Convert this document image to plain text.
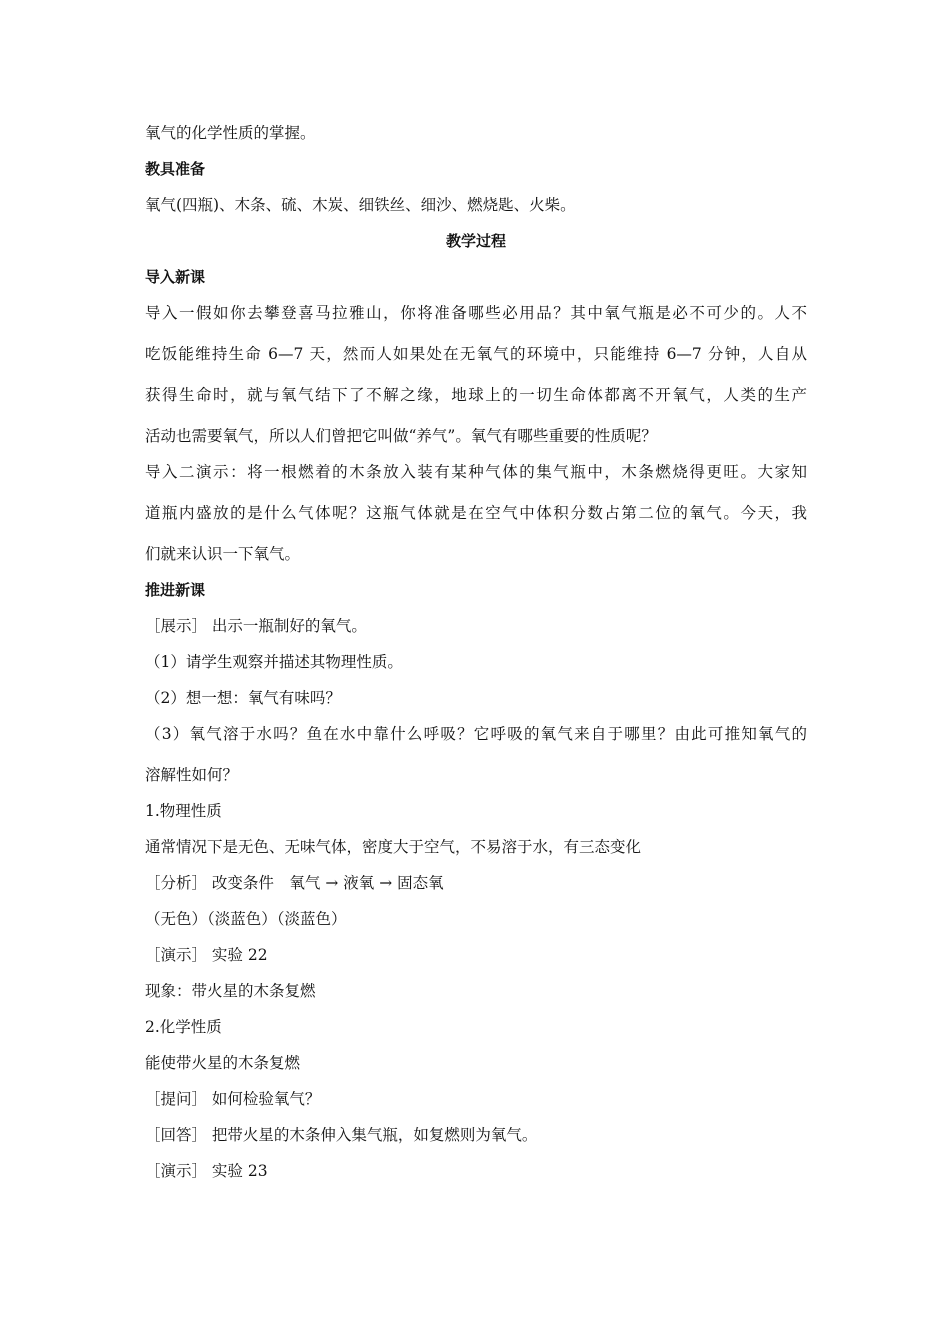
氧气的化学性质的掌握。

教具准备

氧气(四瓶)、木条、硫、木炭、细铁丝、细沙、燃烧匙、火柴。

教学过程

导入新课

导入一假如你去攀登喜马拉雅山，你将准备哪些必用品？其中氧气瓶是必不可少的。人不

吃饭能维持生命 6—7 天，然而人如果处在无氧气的环境中，只能维持 6—7 分钟，人自从

获得生命时，就与氧气结下了不解之缘，地球上的一切生命体都离不开氧气，人类的生产

活动也需要氧气，所以人们曾把它叫做“养气”。氧气有哪些重要的性质呢？

导入二演示：将一根燃着的木条放入装有某种气体的集气瓶中，木条燃烧得更旺。大家知

道瓶内盛放的是什么气体呢？这瓶气体就是在空气中体积分数占第二位的氧气。今天，我

们就来认识一下氧气。

推进新课

［展示］ 出示一瓶制好的氧气。

（1）请学生观察并描述其物理性质。

（2）想一想：氧气有味吗？

（3）氧气溶于水吗？鱼在水中靠什么呼吸？它呼吸的氧气来自于哪里？由此可推知氧气的

溶解性如何？

1.物理性质

通常情况下是无色、无味气体，密度大于空气，不易溶于水，有三态变化

［分析］ 改变条件　氧气 → 液氧 → 固态氧

（无色）（淡蓝色）（淡蓝色）

［演示］ 实验 22

现象：带火星的木条复燃

2.化学性质

能使带火星的木条复燃

［提问］ 如何检验氧气？

［回答］ 把带火星的木条伸入集气瓶，如复燃则为氧气。

［演示］ 实验 23
